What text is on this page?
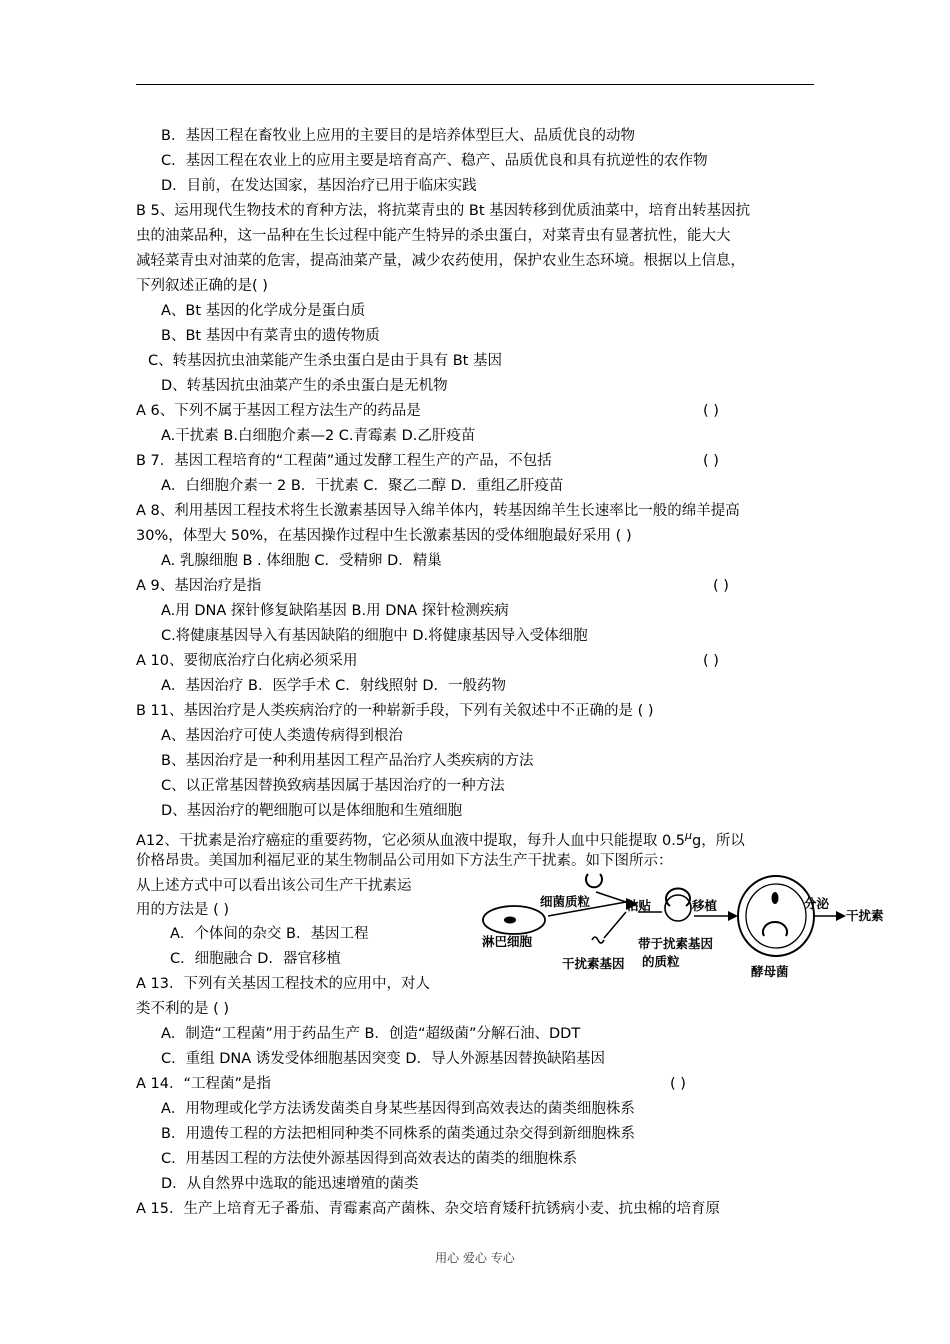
B．基因工程在畜牧业上应用的主要目的是培养体型巨大、品质优良的动物
C．基因工程在农业上的应用主要是培育高产、稳产、品质优良和具有抗逆性的农作物
D．目前，在发达国家，基因治疗已用于临床实践
B 5、运用现代生物技术的育种方法，将抗菜青虫的 Bt 基因转移到优质油菜中，培育出转基因抗
虫的油菜品种，这一品种在生长过程中能产生特异的杀虫蛋白，对菜青虫有显著抗性，能大大
减轻菜青虫对油菜的危害，提高油菜产量，减少农药使用，保护农业生态环境。根据以上信息，
下列叙述正确的是( )
A、Bt 基因的化学成分是蛋白质
B、Bt 基因中有菜青虫的遗传物质
C、转基因抗虫油菜能产生杀虫蛋白是由于具有 Bt 基因
D、转基因抗虫油菜产生的杀虫蛋白是无机物
A 6、下列不属于基因工程方法生产的药品是	( )
A.干扰素 B.白细胞介素—2 C.青霉素 D.乙肝疫苗
B 7．基因工程培育的“工程菌”通过发酵工程生产的产品，不包括	( )
A．白细胞介素一 2 B．干扰素 C．聚乙二醇 D．重组乙肝疫苗
A 8、利用基因工程技术将生长激素基因导入绵羊体内，转基因绵羊生长速率比一般的绵羊提高
30%，体型大 50%，在基因操作过程中生长激素基因的受体细胞最好采用 ( )
A. 乳腺细胞 B . 体细胞 C．受精卵 D．精巢
A 9、基因治疗是指	( )
A.用 DNA 探针修复缺陷基因 B.用 DNA 探针检测疾病
C.将健康基因导入有基因缺陷的细胞中 D.将健康基因导入受体细胞
A 10、要彻底治疗白化病必须采用	( )
A．基因治疗 B．医学手术 C．射线照射 D．一般药物
B 11、基因治疗是人类疾病治疗的一种崭新手段，下列有关叙述中不正确的是 ( )
A、基因治疗可使人类遗传病得到根治
B、基因治疗是一种利用基因工程产品治疗人类疾病的方法
C、以正常基因替换致病基因属于基因治疗的一种方法
D、基因治疗的靶细胞可以是体细胞和生殖细胞
A12、干扰素是治疗癌症的重要药物，它必须从血液中提取，每升人血中只能提取 $0.5^\mu g$，所以
价格昂贵。美国加利福尼亚的某生物制品公司用如下方法生产干扰素。如下图所示：
从上述方式中可以看出该公司生产干扰素运
用的方法是 ( )
A．个体间的杂交 B．基因工程
C．细胞融合 D．器官移植
A 13．下列有关基因工程技术的应用中，对人
类不利的是 ( )
A．制造“工程菌”用于药品生产 B．创造“超级菌”分解石油、DDT
C．重组 DNA 诱发受体细胞基因突变 D．导人外源基因替换缺陷基因
A 14．“工程菌”是指	( )
A．用物理或化学方法诱发菌类自身某些基因得到高效表达的菌类细胞株系
B．用遗传工程的方法把相同种类不同株系的菌类通过杂交得到新细胞株系
C．用基因工程的方法使外源基因得到高效表达的菌类的细胞株系
D．从自然界中选取的能迅速增殖的菌类
A 15．生产上培育无子番茄、青霉素高产菌株、杂交培育矮秆抗锈病小麦、抗虫棉的培育原
淋巴细胞
细菌质粒
干扰素基因
粘贴
带于扰素基因
的质粒
移植
酵母菌
分泌
干扰素
用心 爱心 专心
